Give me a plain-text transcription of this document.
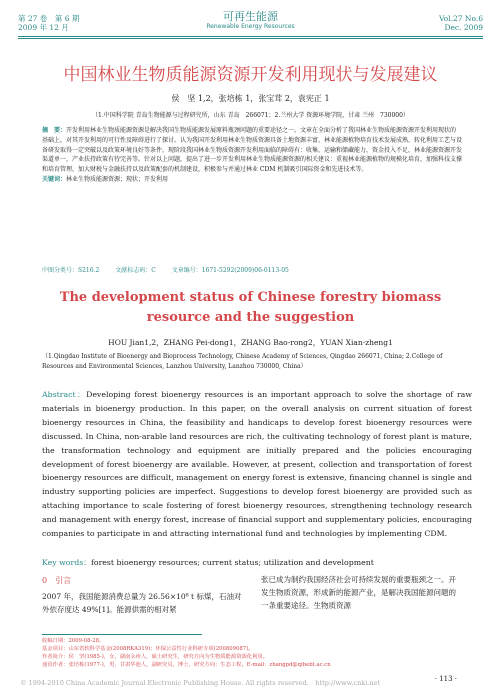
第 27 卷　第 6 期
2009 年 12 月
可再生能源
Renewable Energy Resources
Vol.27 No.6
Dec. 2009
中国林业生物质能源资源开发利用现状与发展建议
侯　坚 1,2，张培栋 1，张宝茸 2，袁宪正 1
（1.中国科学院 青岛生物能源与过程研究所，山东 青岛　266071；2.兰州大学 资源环境学院，甘肃 兰州　730000）
摘　要：开发利用林业生物质能源资源是解决我国生物质能源发展原料瓶颈问题的重要途径之一。文章在全面分析了我国林业生物质能源资源开发利用现状的基础上，对其开发利用的可行性及障碍进行了探讨。认为我国开发利用林业生物质资源具备土地资源丰富、林业能源植物培育技术发展成熟、转化利用工艺与设备研发取得一定突破以及政策环境良好等条件，现阶段我国林业生物质资源开发利用面临的障碍有：收集、运输和储藏能力，资金投入不足，林业能源资源开发渠道单一，产业扶持政策有待完善等。针对以上问题，提出了进一步开发利用林业生物质能源资源的相关建议：重视林业能源植物的规模化培育，加强科技支撑和培育管理，加大财税与金融扶持以及政策配套的机制建设，积极参与并通过林业 CDM 机制吸引国际资金和先进技术等。
关键词：林业生物质能源资源；现状；开发利用
中图分类号：S216.2	文献标志码：C	文章编号：1671-5292(2009)06-0113-05
The development status of Chinese forestry biomass resource and the suggestion
HOU Jian1,2，ZHANG Pei-dong1，ZHANG Bao-rong2，YUAN Xian-zheng1
（1.Qingdao Institute of Bioenergy and Bioprocess Technology, Chinese Academy of Sciences, Qingdao 266071, China; 2.College of Resources and Environmental Sciences, Lanzhou University, Lanzhou 730000, China）
Abstract：Developing forest bioenergy resources is an important approach to solve the shortage of raw materials in bioenergy production. In this paper, on the overall analysis on current situation of forest bioenergy resources in China, the feasibility and handicaps to develop forest bioenergy resources were discussed. In China, non-arable land resources are rich, the cultivating technology of forest plant is mature, the transformation technology and equipment are initially prepared and the policies encouraging development of forest bioenergy are available. However, at present, collection and transportation of forest bioenergy resources are difficult, management on energy forest is extensive, financing channel is single and industry supporting policies are imperfect. Suggestions to develop forest bioenergy are provided such as attaching importance to scale fostering of forest bioenergy resources, strengthening technology research and management with energy forest, increase of financial support and supplementary policies, encouraging companies to participate in and attracting international fund and technologies by implementing CDM.
Key words：forest bioenergy resources; current status; utilization and development
0　 引言
2007 年，我国能源消费总量为 26.56×10⁸ t 标煤，石油对外依存度达 49%[1]。能源供需的相对紧
张已成为制约我国经济社会可持续发展的重要瓶颈之一。开发生物质资源，形成新的能源产业，是解决我国能源问题的一条重要途径。生物质资源
收稿日期：2009-08-28。
基金项目：山东省软科学基金(2008RKA319)；环保公益性行业科研专项(200809087)。
作者简介：侯　坚(1985-)，女，湖南永州人，硕士研究生，研究方向为生物质能源资源化利用。
通讯作者：张培栋(1977-)，男，甘肃华池人，副研究员，博士，研究方向：生态工程。E-mail：zhangpd@qibebt.ac.cn
· 113 ·
© 1994-2010 China Academic Journal Electronic Publishing House. All rights reserved.　http://www.cnki.net
